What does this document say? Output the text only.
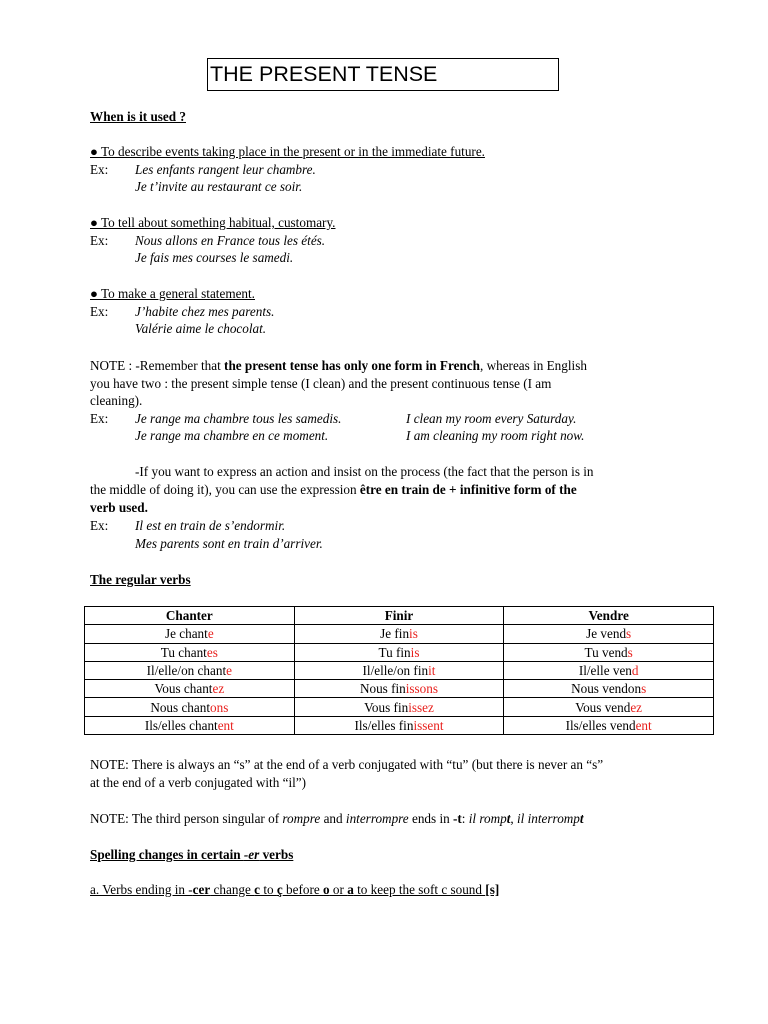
THE PRESENT TENSE
When is it used ?
● To describe events taking place in the present or in the immediate future.
Ex: Les enfants rangent leur chambre.
Je t’invite au restaurant ce soir.
● To tell about something habitual, customary.
Ex: Nous allons en France tous les étés.
Je fais mes courses le samedi.
● To make a general statement.
Ex: J’habite chez mes parents.
Valérie aime le chocolat.
NOTE : -Remember that the present tense has only one form in French, whereas in English
you have two : the present simple tense (I clean) and the present continuous tense (I am
cleaning).
Ex: Je range ma chambre tous les samedis.	I clean my room every Saturday.
Je range ma chambre en ce moment.	I am cleaning my room right now.
-If you want to express an action and insist on the process (the fact that the person is in
the middle of doing it), you can use the expression être en train de + infinitive form of the
verb used.
Ex: Il est en train de s’endormir.
Mes parents sont en train d’arriver.
The regular verbs
Chanter	Finir	Vendre
Je chante	Je finis	Je vends
Tu chantes	Tu finis	Tu vends
Il/elle/on chante	Il/elle/on finit	Il/elle vend
Vous chantez	Nous finissons	Nous vendons
Nous chantons	Vous finissez	Vous vendez
Ils/elles chantent	Ils/elles finissent	Ils/elles vendent
NOTE: There is always an “s” at the end of a verb conjugated with “tu” (but there is never an “s”
at the end of a verb conjugated with “il”)
NOTE: The third person singular of rompre and interrompre ends in -t: il rompt, il interrompt
Spelling changes in certain -er verbs
a. Verbs ending in -cer change c to ç before o or a to keep the soft c sound [s]
